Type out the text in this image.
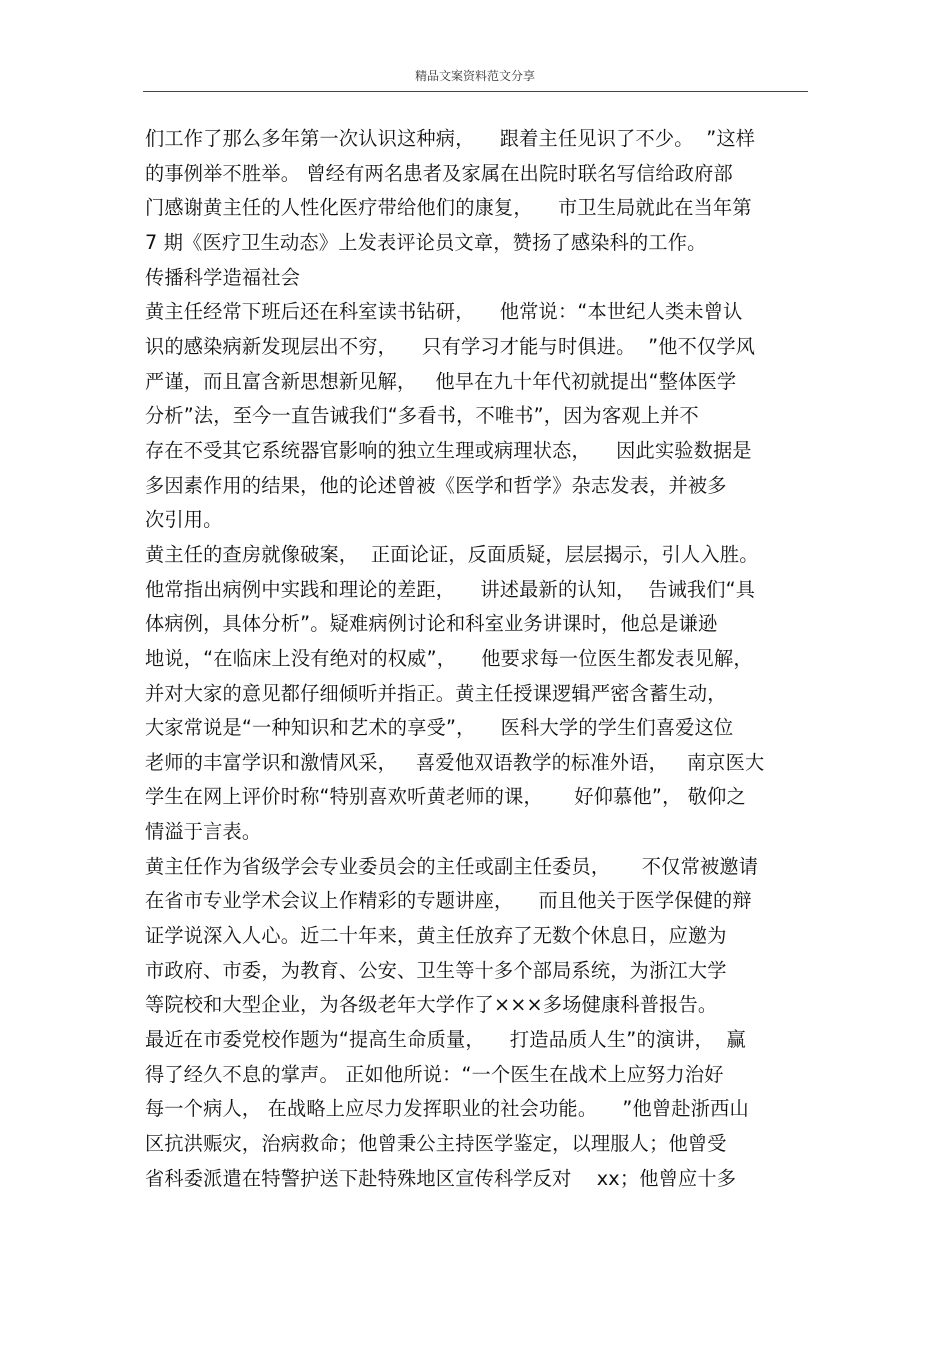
精品文案资料范文分享
们工作了那么多年第一次认识这种病，    跟着主任见识了不少。  ”这样
的事例举不胜举。 曾经有两名患者及家属在出院时联名写信给政府部
门感谢黄主任的人性化医疗带给他们的康复，    市卫生局就此在当年第
7 期《医疗卫生动态》上发表评论员文章，赞扬了感染科的工作。
传播科学造福社会
黄主任经常下班后还在科室读书钻研，    他常说：“本世纪人类未曾认
识的感染病新发现层出不穷，    只有学习才能与时俱进。  ”他不仅学风
严谨，而且富含新思想新见解，   他早在九十年代初就提出“整体医学
分析”法，至今一直告诫我们“多看书，不唯书”，因为客观上并不
存在不受其它系统器官影响的独立生理或病理状态，    因此实验数据是
多因素作用的结果，他的论述曾被《医学和哲学》杂志发表，并被多
次引用。
黄主任的查房就像破案，  正面论证，反面质疑，层层揭示，引人入胜。
他常指出病例中实践和理论的差距，    讲述最新的认知，  告诫我们“具
体病例，具体分析”。疑难病例讨论和科室业务讲课时，他总是谦逊
地说，“在临床上没有绝对的权威”，    他要求每一位医生都发表见解，
并对大家的意见都仔细倾听并指正。黄主任授课逻辑严密含蓄生动，
大家常说是“一种知识和艺术的享受”，    医科大学的学生们喜爱这位
老师的丰富学识和激情风采，   喜爱他双语教学的标准外语，   南京医大
学生在网上评价时称“特别喜欢听黄老师的课，     好仰慕他”， 敬仰之
情溢于言表。
黄主任作为省级学会专业委员会的主任或副主任委员，     不仅常被邀请
在省市专业学术会议上作精彩的专题讲座，    而且他关于医学保健的辩
证学说深入人心。近二十年来，黄主任放弃了无数个休息日，应邀为
市政府、市委，为教育、公安、卫生等十多个部局系统，为浙江大学
等院校和大型企业，为各级老年大学作了×××多场健康科普报告。
最近在市委党校作题为“提高生命质量，    打造品质人生”的演讲，  赢
得了经久不息的掌声。 正如他所说：“一个医生在战术上应努力治好
每一个病人， 在战略上应尽力发挥职业的社会功能。    ”他曾赴浙西山
区抗洪赈灾，治病救命；他曾秉公主持医学鉴定，以理服人；他曾受
省科委派遣在特警护送下赴特殊地区宣传科学反对    xx；他曾应十多
